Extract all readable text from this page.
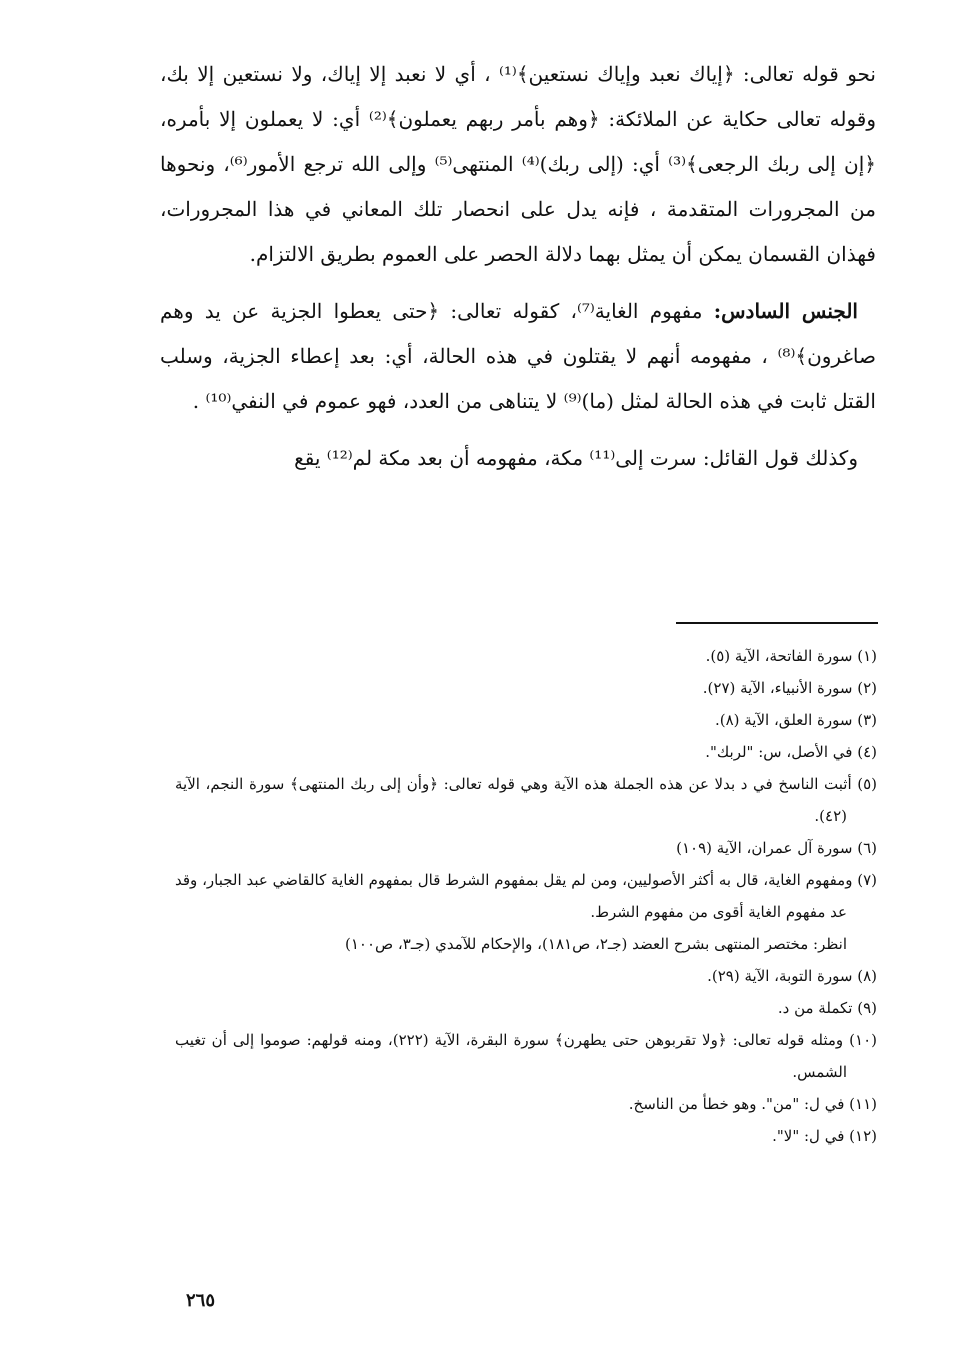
نحو قوله تعالى: ﴿إياك نعبد وإياك نستعين﴾⁽¹⁾ ، أي لا نعبد إلا إياك، ولا نستعين إلا بك، وقوله تعالى حكاية عن الملائكة: ﴿وهم بأمر ربهم يعملون﴾⁽²⁾ أي: لا يعملون إلا بأمره، ﴿إن إلى ربك الرجعى﴾⁽³⁾ أي: (إلى ربك)⁽⁴⁾ المنتهى⁽⁵⁾ وإلى الله ترجع الأمور⁽⁶⁾، ونحوها من المجرورات المتقدمة ، فإنه يدل على انحصار تلك المعاني في هذا المجرورات، فهذان القسمان يمكن أن يمثل بهما دلالة الحصر على العموم بطريق الالتزام.

الجنس السادس: مفهوم الغاية⁽⁷⁾، كقوله تعالى: ﴿حتى يعطوا الجزية عن يد وهم صاغرون﴾⁽⁸⁾ ، مفهومه أنهم لا يقتلون في هذه الحالة، أي: بعد إعطاء الجزية، وسلب القتل ثابت في هذه الحالة لمثل (ما)⁽⁹⁾ لا يتناهى من العدد، فهو عموم في النفي⁽¹⁰⁾ .

وكذلك قول القائل: سرت إلى⁽¹¹⁾ مكة، مفهومه أن بعد مكة لم⁽¹²⁾ يقع

(١) سورة الفاتحة، الآية (٥).

(٢) سورة الأنبياء، الآية (٢٧).

(٣) سورة العلق، الآية (٨).

(٤) في الأصل، س: "لربك".

(٥) أثبت الناسخ في د بدلا عن هذه الجملة هذه الآية وهي قوله تعالى: ﴿وأن إلى ربك المنتهى﴾ سورة النجم، الآية (٤٢).

(٦) سورة آل عمران، الآية (١٠٩)

(٧) ومفهوم الغاية، قال به أكثر الأصوليين، ومن لم يقل بمفهوم الشرط قال بمفهوم الغاية كالقاضي عبد الجبار، وقد عد مفهوم الغاية أقوى من مفهوم الشرط.

انظر: مختصر المنتهى بشرح العضد (جـ٢، ص١٨١)، والإحكام للآمدي (جـ٣، ص١٠٠)

(٨) سورة التوبة، الآية (٢٩).

(٩) تكملة من د.

(١٠) ومثله قوله تعالى: ﴿ولا تقربوهن حتى يطهرن﴾ سورة البقرة، الآية (٢٢٢)، ومنه قولهم: صوموا إلى أن تغيب الشمس.

(١١) في ل: "من". وهو خطأ من الناسخ.

(١٢) في ل: "لا".

٢٦٥
